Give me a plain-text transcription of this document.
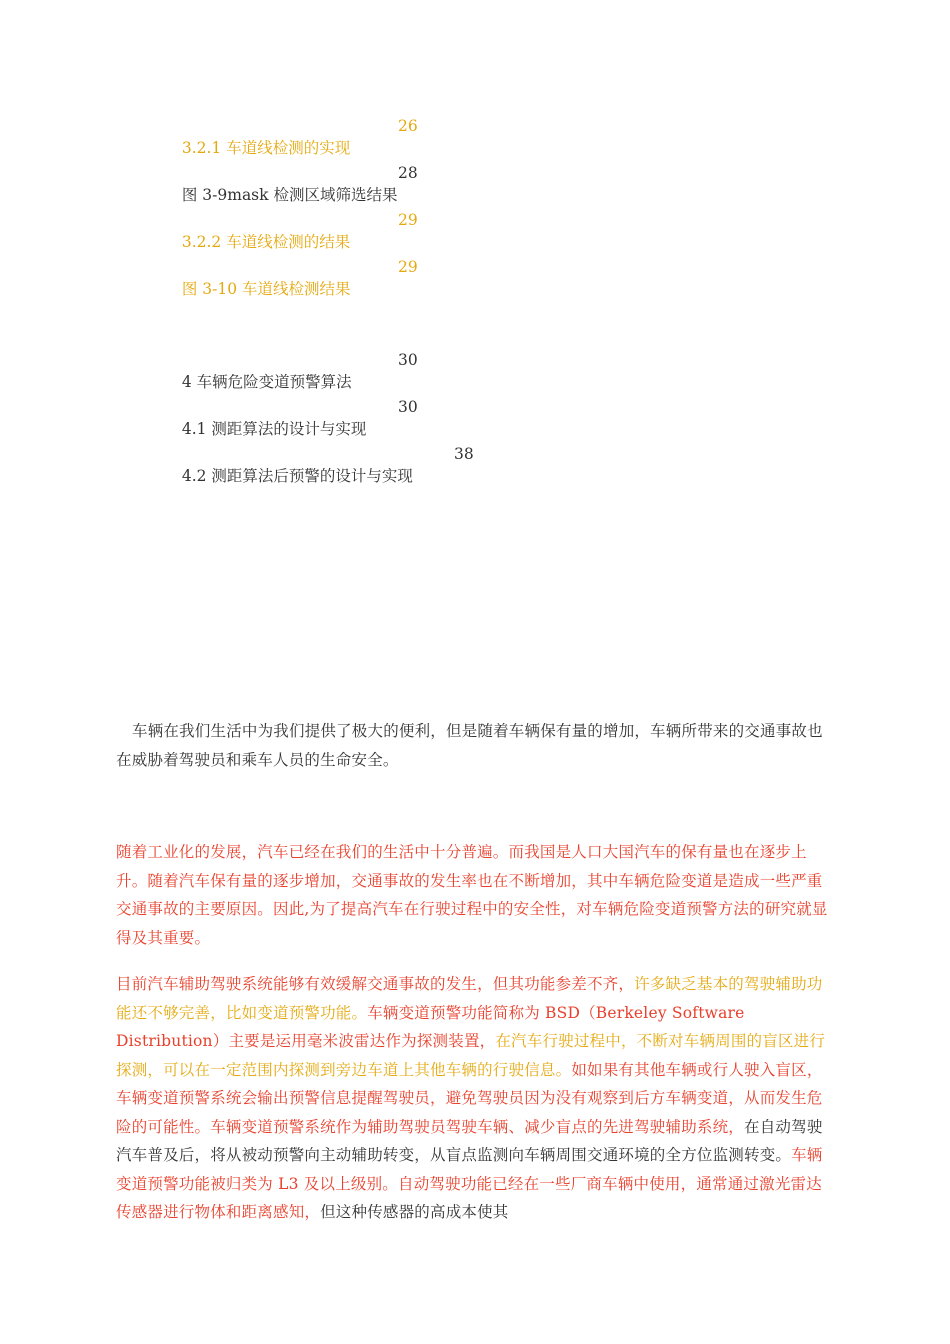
3.2.1 车道线检测的实现

26

图 3-9mask 检测区域筛选结果

28

3.2.2 车道线检测的结果

29

图 3-10 车道线检测结果

29

4 车辆危险变道预警算法

30

4.1 测距算法的设计与实现

30

4.2 测距算法后预警的设计与实现

38

车辆在我们生活中为我们提供了极大的便利，但是随着车辆保有量的增加，车辆所带来的交通事故也在威胁着驾驶员和乘车人员的生命安全。

随着工业化的发展，汽车已经在我们的生活中十分普遍。而我国是人口大国汽车的保有量也在逐步上升。随着汽车保有量的逐步增加，交通事故的发生率也在不断增加，其中车辆危险变道是造成一些严重交通事故的主要原因。因此,为了提高汽车在行驶过程中的安全性，对车辆危险变道预警方法的研究就显得及其重要。

目前汽车辅助驾驶系统能够有效缓解交通事故的发生，但其功能参差不齐，许多缺乏基本的驾驶辅助功能还不够完善，比如变道预警功能。车辆变道预警功能简称为 BSD（Berkeley Software Distribution）主要是运用毫米波雷达作为探测装置，在汽车行驶过程中，不断对车辆周围的盲区进行探测，可以在一定范围内探测到旁边车道上其他车辆的行驶信息。如如果有其他车辆或行人驶入盲区，车辆变道预警系统会输出预警信息提醒驾驶员，避免驾驶员因为没有观察到后方车辆变道，从而发生危险的可能性。车辆变道预警系统作为辅助驾驶员驾驶车辆、减少盲点的先进驾驶辅助系统，在自动驾驶汽车普及后，将从被动预警向主动辅助转变，从盲点监测向车辆周围交通环境的全方位监测转变。车辆变道预警功能被归类为 L3 及以上级别。自动驾驶功能已经在一些厂商车辆中使用，通常通过激光雷达传感器进行物体和距离感知，但这种传感器的高成本使其
